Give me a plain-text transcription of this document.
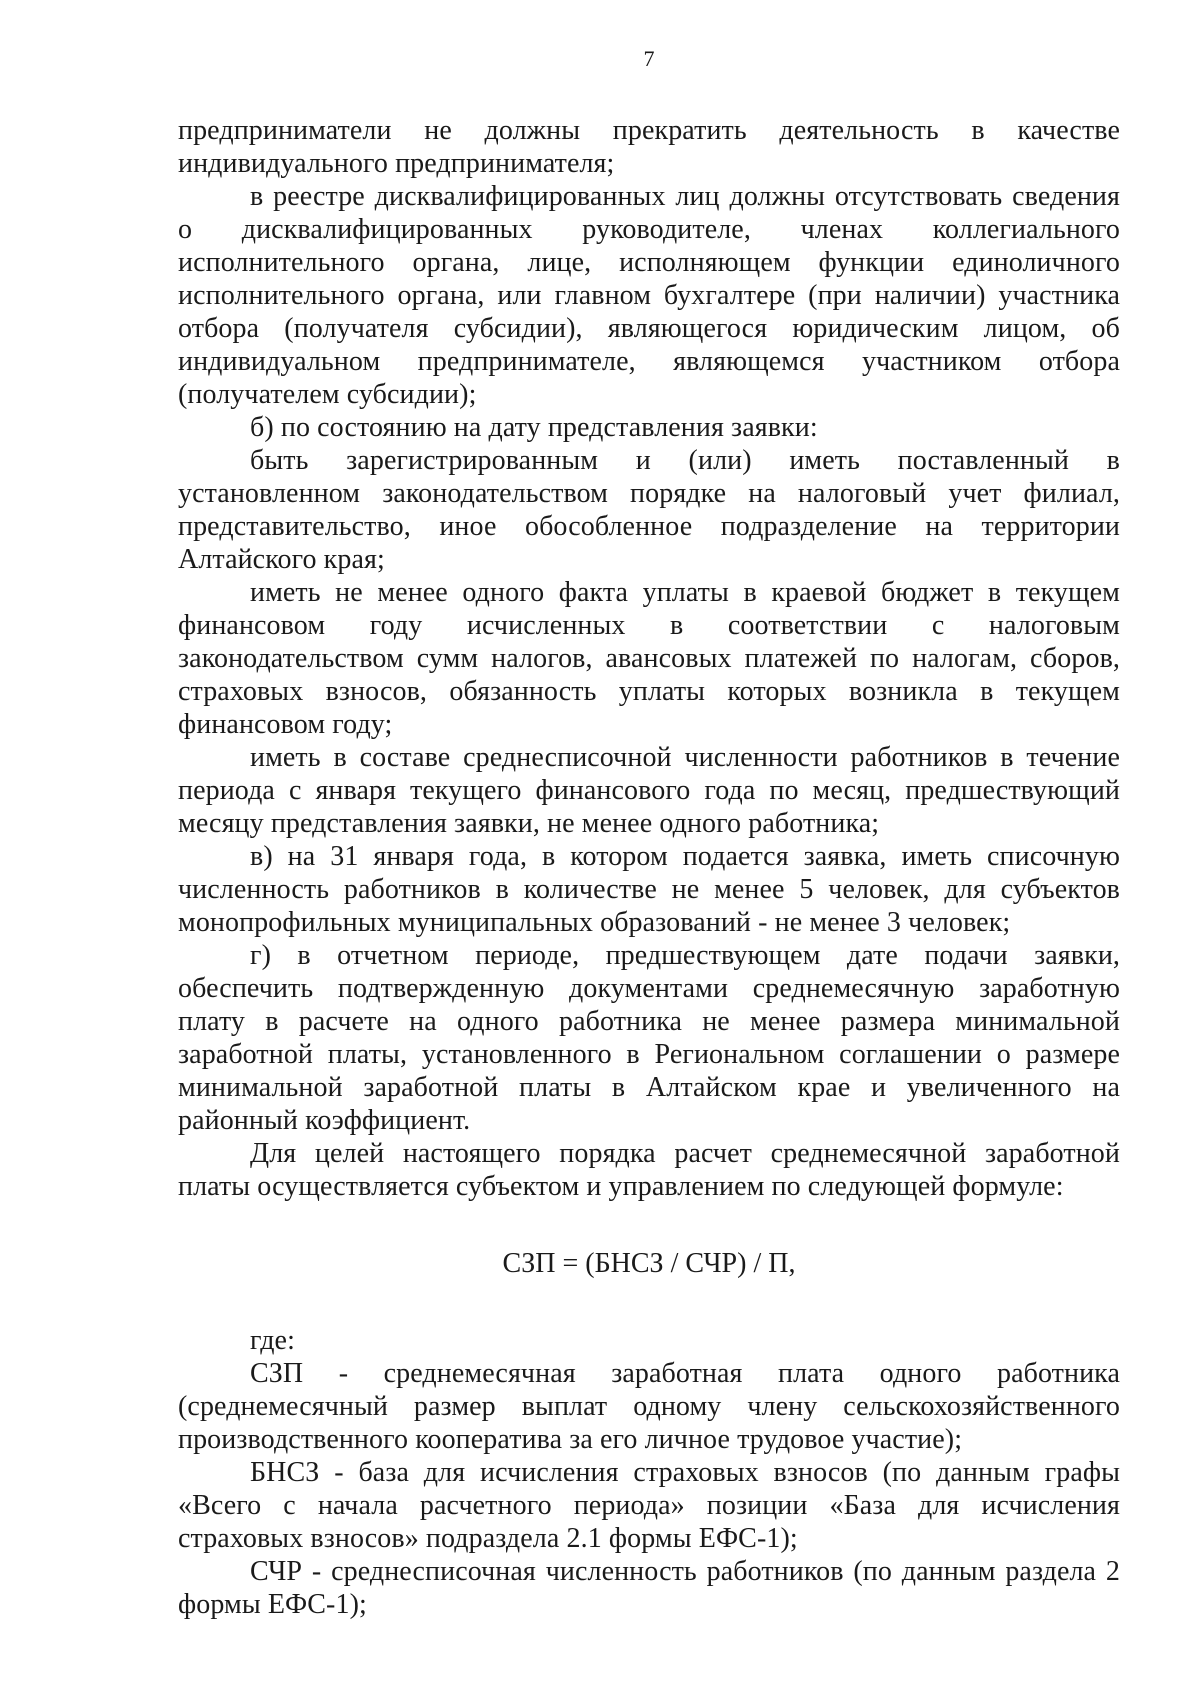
7

предприниматели не должны прекратить деятельность в качестве индивидуального предпринимателя;

в реестре дисквалифицированных лиц должны отсутствовать сведения о дисквалифицированных руководителе, членах коллегиального исполнительного органа, лице, исполняющем функции единоличного исполнительного органа, или главном бухгалтере (при наличии) участника отбора (получателя субсидии), являющегося юридическим лицом, об индивидуальном предпринимателе, являющемся участником отбора (получателем субсидии);

б) по состоянию на дату представления заявки:

быть зарегистрированным и (или) иметь поставленный в установленном законодательством порядке на налоговый учет филиал, представительство, иное обособленное подразделение на территории Алтайского края;

иметь не менее одного факта уплаты в краевой бюджет в текущем финансовом году исчисленных в соответствии с налоговым законодательством сумм налогов, авансовых платежей по налогам, сборов, страховых взносов, обязанность уплаты которых возникла в текущем финансовом году;

иметь в составе среднесписочной численности работников в течение периода с января текущего финансового года по месяц, предшествующий месяцу представления заявки, не менее одного работника;

в) на 31 января года, в котором подается заявка, иметь списочную численность работников в количестве не менее 5 человек, для субъектов монопрофильных муниципальных образований - не менее 3 человек;

г) в отчетном периоде, предшествующем дате подачи заявки, обеспечить подтвержденную документами среднемесячную заработную плату в расчете на одного работника не менее размера минимальной заработной платы, установленного в Региональном соглашении о размере минимальной заработной платы в Алтайском крае и увеличенного на районный коэффициент.

Для целей настоящего порядка расчет среднемесячной заработной платы осуществляется субъектом и управлением по следующей формуле:

СЗП = (БНСЗ / СЧР) / П,

где:

СЗП - среднемесячная заработная плата одного работника (среднемесячный размер выплат одному члену сельскохозяйственного производственного кооператива за его личное трудовое участие);

БНСЗ - база для исчисления страховых взносов (по данным графы «Всего с начала расчетного периода» позиции «База для исчисления страховых взносов» подраздела 2.1 формы ЕФС-1);

СЧР - среднесписочная численность работников (по данным раздела 2 формы ЕФС-1);
